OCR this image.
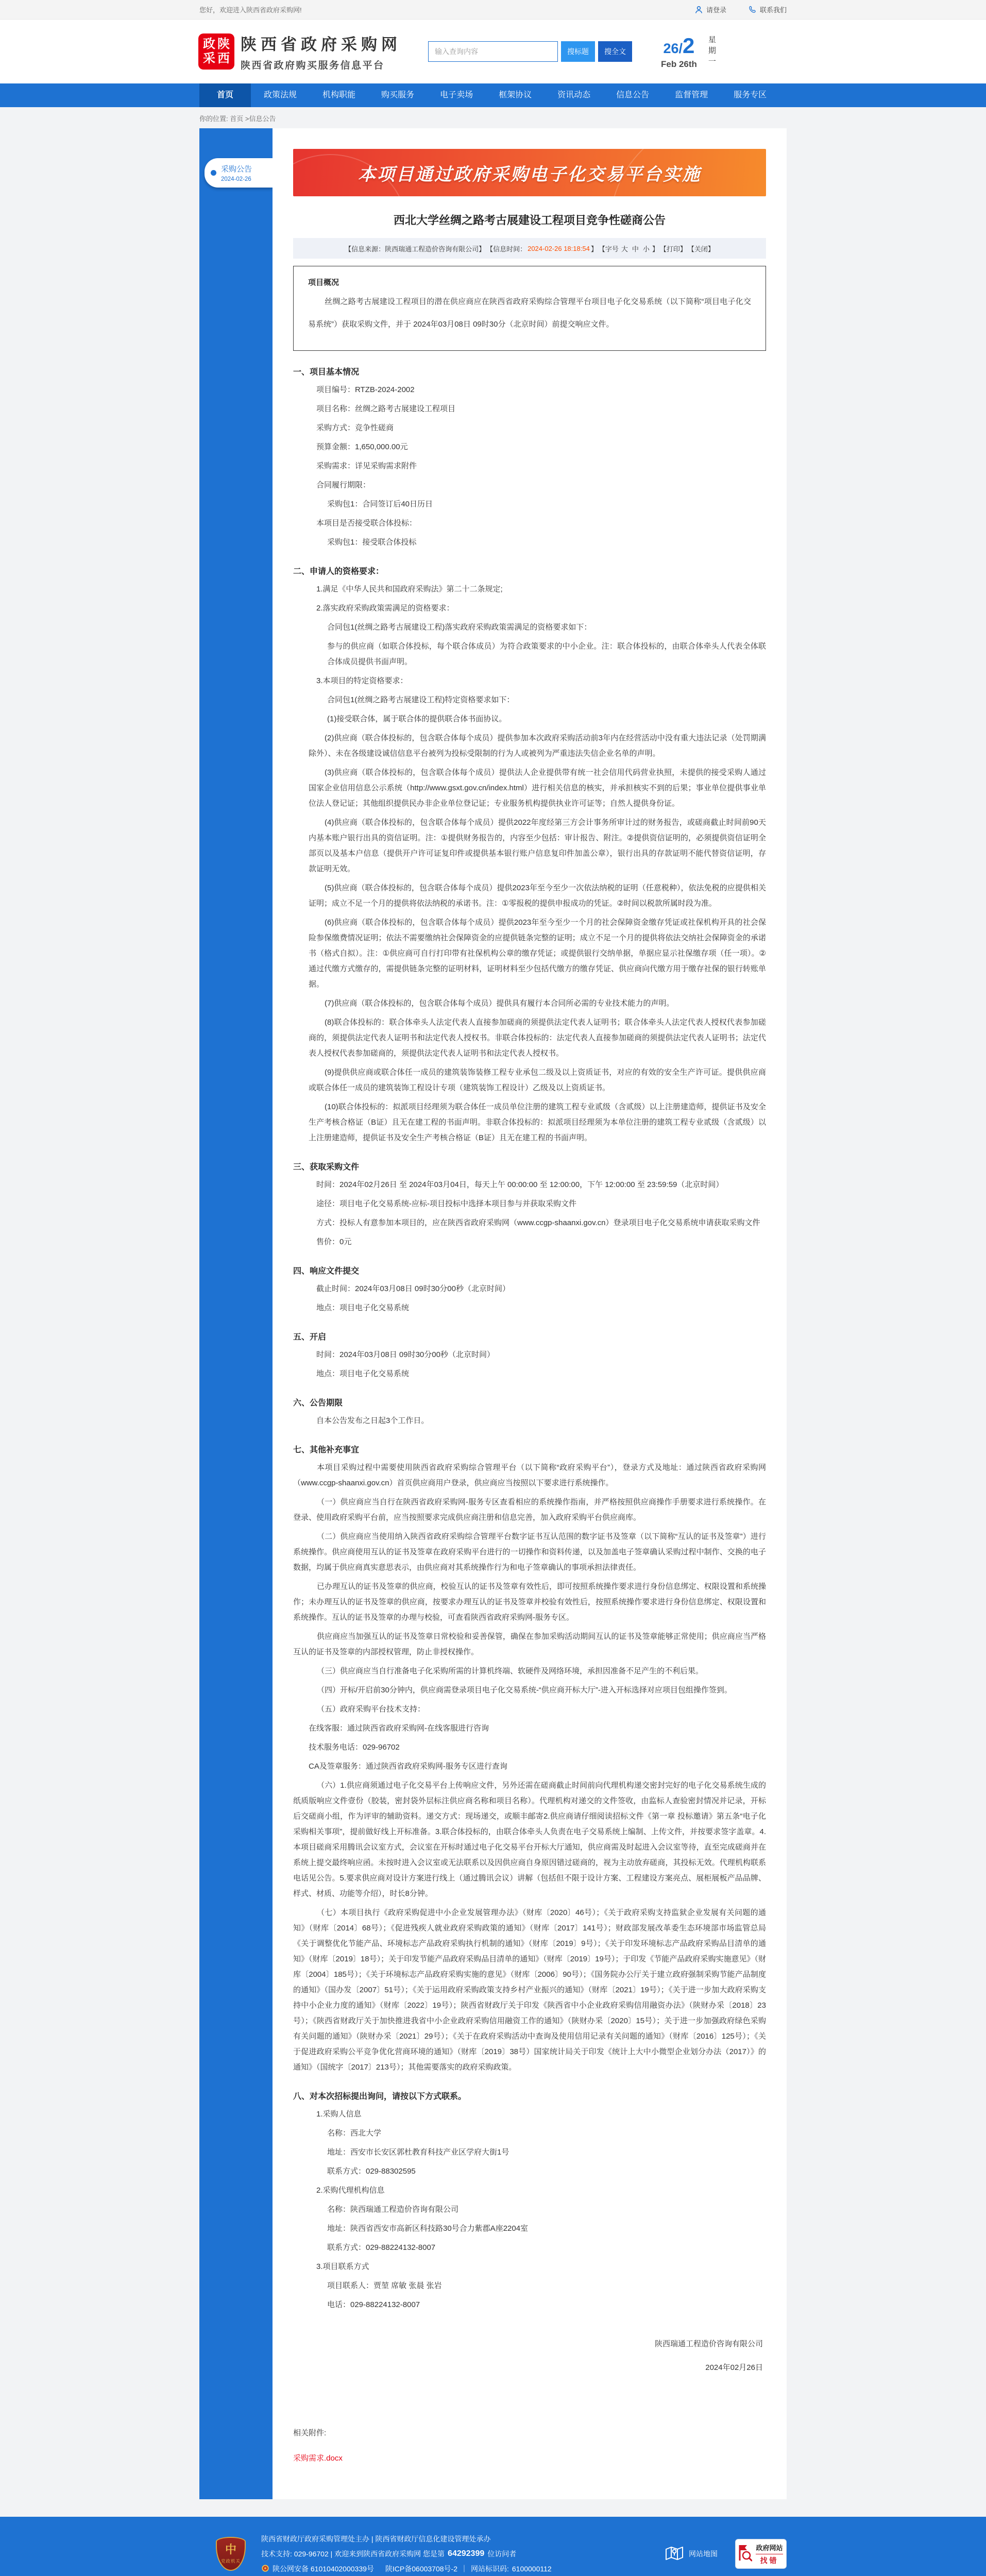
您好，欢迎进入陕西省政府采购网!	请登录	联系我们
政 陕
采 西
陕西省政府采购网
陕西省政府购买服务信息平台
输入查询内容
搜标题	搜全文	26/2
Feb 26th 星期一
首页	政策法规	机构职能	购买服务	电子卖场	框架协议	资讯动态	信息公告	监督管理	服务专区
你的位置: 首页 >信息公告
采购公告
2024-02-26	本项目通过政府采购电子化交易平台实施
西北大学丝绸之路考古展建设工程项目竞争性磋商公告
【信息来源：陕西瑞通工程造价咨询有限公司】 【信息时间： 2024-02-26 18:18:54 】 【字号 大 中 小 】 【打印】 【关闭】
项目概况

丝绸之路考古展建设工程项目的潜在供应商应在陕西省政府采购综合管理平台项目电子化交易系统（以下简称“项目电子化交易系统”）获取采购文件，并于 2024年03月08日 09时30分（北京时间）前提交响应文件。

一、项目基本情况

项目编号：RTZB-2024-2002

项目名称：丝绸之路考古展建设工程项目

采购方式：竞争性磋商

预算金额：1,650,000.00元

采购需求：详见采购需求附件

合同履行期限：

采购包1：合同签订后40日历日

本项目是否接受联合体投标：

采购包1：接受联合体投标

二、申请人的资格要求：

1.满足《中华人民共和国政府采购法》第二十二条规定;

2.落实政府采购政策需满足的资格要求：

合同包1(丝绸之路考古展建设工程)落实政府采购政策需满足的资格要求如下：

参与的供应商（如联合体投标，每个联合体成员）为符合政策要求的中小企业。注：联合体投标的，由联合体牵头人代表全体联合体成员提供书面声明。

3.本项目的特定资格要求：

合同包1(丝绸之路考古展建设工程)特定资格要求如下：

(1)接受联合体，属于联合体的提供联合体书面协议。

(2)供应商（联合体投标的，包含联合体每个成员）提供参加本次政府采购活动前3年内在经营活动中没有重大违法记录（处罚期满除外）、未在各级建设诚信信息平台被列为投标受限制的行为人或被列为严重违法失信企业名单的声明。

(3)供应商（联合体投标的，包含联合体每个成员）提供法人企业提供带有统一社会信用代码营业执照，未提供的接受采购人通过国家企业信用信息公示系统（http://www.gsxt.gov.cn/index.html）进行相关信息的核实，并承担核实不到的后果；事业单位提供事业单位法人登记证；其他组织提供民办非企业单位登记证；专业服务机构提供执业许可证等；自然人提供身份证。

(4)供应商（联合体投标的，包含联合体每个成员）提供2022年度经第三方会计事务所审计过的财务报告，或磋商截止时间前90天内基本账户银行出具的资信证明。注：①提供财务报告的，内容至少包括：审计报告、附注。②提供资信证明的，必须提供资信证明全部页以及基本户信息（提供开户许可证复印件或提供基本银行账户信息复印件加盖公章），银行出具的存款证明不能代替资信证明，存款证明无效。

(5)供应商（联合体投标的，包含联合体每个成员）提供2023年至今至少一次依法纳税的证明（任意税种），依法免税的应提供相关证明；成立不足一个月的提供将依法纳税的承诺书。注：①零报税的提供申报成功的凭证。②时间以税款所属时段为准。

(6)供应商（联合体投标的，包含联合体每个成员）提供2023年至今至少一个月的社会保障资金缴存凭证或社保机构开具的社会保险参保缴费情况证明；依法不需要缴纳社会保障资金的应提供链条完整的证明；成立不足一个月的提供将依法交纳社会保障资金的承诺书（格式自拟）。注：①供应商可自行打印带有社保机构公章的缴存凭证；或提供银行交纳单据，单据应显示社保缴存项（任一项）。②通过代缴方式缴存的，需提供链条完整的证明材料，证明材料至少包括代缴方的缴存凭证、供应商向代缴方用于缴存社保的银行转账单据。

(7)供应商（联合体投标的，包含联合体每个成员）提供具有履行本合同所必需的专业技术能力的声明。

(8)联合体投标的：联合体牵头人法定代表人直接参加磋商的须提供法定代表人证明书；联合体牵头人法定代表人授权代表参加磋商的，须提供法定代表人证明书和法定代表人授权书。非联合体投标的：法定代表人直接参加磋商的须提供法定代表人证明书；法定代表人授权代表参加磋商的，须提供法定代表人证明书和法定代表人授权书。

(9)提供供应商或联合体任一成员的建筑装饰装修工程专业承包二级及以上资质证书，对应的有效的安全生产许可证。提供供应商或联合体任一成员的建筑装饰工程设计专项（建筑装饰工程设计）乙级及以上资质证书。

(10)联合体投标的：拟派项目经理须为联合体任一成员单位注册的建筑工程专业贰级（含贰级）以上注册建造师，提供证书及安全生产考核合格证（B证）且无在建工程的书面声明。非联合体投标的：拟派项目经理须为本单位注册的建筑工程专业贰级（含贰级）以上注册建造师，提供证书及安全生产考核合格证（B证）且无在建工程的书面声明。

三、获取采购文件

时间：2024年02月26日 至 2024年03月04日，每天上午 00:00:00 至 12:00:00，下午 12:00:00 至 23:59:59（北京时间）

途径：项目电子化交易系统-应标-项目投标中选择本项目参与并获取采购文件

方式：投标人有意参加本项目的，应在陕西省政府采购网（www.ccgp-shaanxi.gov.cn）登录项目电子化交易系统申请获取采购文件

售价：0元

四、响应文件提交

截止时间：2024年03月08日 09时30分00秒（北京时间）

地点：项目电子化交易系统

五、开启

时间：2024年03月08日 09时30分00秒（北京时间）

地点：项目电子化交易系统

六、公告期限

自本公告发布之日起3个工作日。

七、其他补充事宜

本项目采购过程中需要使用陕西省政府采购综合管理平台（以下简称“政府采购平台”），登录方式及地址：通过陕西省政府采购网（www.ccgp-shaanxi.gov.cn）首页供应商用户登录，供应商应当按照以下要求进行系统操作。

（一）供应商应当自行在陕西省政府采购网-服务专区查看相应的系统操作指南，并严格按照供应商操作手册要求进行系统操作。在登录、使用政府采购平台前，应当按照要求完成供应商注册和信息完善，加入政府采购平台供应商库。

（二）供应商应当使用纳入陕西省政府采购综合管理平台数字证书互认范围的数字证书及签章（以下简称“互认的证书及签章”）进行系统操作。供应商使用互认的证书及签章在政府采购平台进行的一切操作和资料传递，以及加盖电子签章确认采购过程中制作、交换的电子数据，均属于供应商真实意思表示，由供应商对其系统操作行为和电子签章确认的事项承担法律责任。

已办理互认的证书及签章的供应商，校验互认的证书及签章有效性后，即可按照系统操作要求进行身份信息绑定、权限设置和系统操作；未办理互认的证书及签章的供应商，按要求办理互认的证书及签章并校验有效性后，按照系统操作要求进行身份信息绑定、权限设置和系统操作。互认的证书及签章的办理与校验，可查看陕西省政府采购网-服务专区。

供应商应当加强互认的证书及签章日常校验和妥善保管，确保在参加采购活动期间互认的证书及签章能够正常使用；供应商应当严格互认的证书及签章的内部授权管理，防止非授权操作。

（三）供应商应当自行准备电子化采购所需的计算机终端、软硬件及网络环境，承担因准备不足产生的不利后果。

（四）开标/开启前30分钟内，供应商需登录项目电子化交易系统-“供应商开标大厅”-进入开标选择对应项目包组操作签到。

（五）政府采购平台技术支持：

在线客服：通过陕西省政府采购网-在线客服进行咨询

技术服务电话：029-96702

CA及签章服务：通过陕西省政府采购网-服务专区进行查询

（六）1.供应商须通过电子化交易平台上传响应文件，另外还需在磋商截止时间前向代理机构递交密封完好的电子化交易系统生成的纸质版响应文件壹份（胶装，密封袋外层标注供应商名称和项目名称）。代理机构对递交的文件签收，由监标人查验密封情况并记录，开标后交磋商小组，作为评审的辅助资料。递交方式：现场递交，或顺丰邮寄2.供应商请仔细阅读招标文件《第一章 投标邀请》第五条“电子化采购相关事项”，提前做好线上开标准备。3.联合体投标的，由联合体牵头人负责在电子交易系统上编制、上传文件，并按要求签字盖章。4.本项目磋商采用腾讯会议室方式，会议室在开标时通过电子化交易平台开标大厅通知，供应商需及时起进入会议室等待，直至完成磋商并在系统上提交最终响应函。未按时进入会议室或无法联系以及因供应商自身原因错过磋商的，视为主动放弃磋商，其投标无效。代理机构联系电话见公告。5.要求供应商对设计方案进行线上（通过腾讯会议）讲解（包括但不限于设计方案、工程建设方案亮点、展柜展板产品品牌、样式、材质、功能等介绍），时长8分钟。

（七）本项目执行《政府采购促进中小企业发展管理办法》（财库〔2020〕46号）；《关于政府采购支持监狱企业发展有关问题的通知》（财库〔2014〕68号）；《促进残疾人就业政府采购政策的通知》（财库〔2017〕141号）；财政部发展改革委生态环境部市场监管总局《关于调整优化节能产品、环境标志产品政府采购执行机制的通知》（财库〔2019〕9号）；《关于印发环境标志产品政府采购品目清单的通知》（财库〔2019〕18号）；关于印发节能产品政府采购品目清单的通知》（财库〔2019〕19号）；于印发《节能产品政府采购实施意见》（财库〔2004〕185号）；《关于环境标志产品政府采购实施的意见》（财库〔2006〕90号）；《国务院办公厅关于建立政府强制采购节能产品制度的通知》（国办发〔2007〕51号）；《关于运用政府采购政策支持乡村产业振兴的通知》（财库〔2021〕19号）；《关于进一步加大政府采购支持中小企业力度的通知》（财库〔2022〕19号）；陕西省财政厅关于印发《陕西省中小企业政府采购信用融资办法》（陕财办采〔2018〕23号）；《陕西省财政厅关于加快推进我省中小企业政府采购信用融资工作的通知》（陕财办采〔2020〕15号）；关于进一步加强政府绿色采购有关问题的通知》（陕财办采〔2021〕29号）；《关于在政府采购活动中查询及使用信用记录有关问题的通知》（财库〔2016〕125号）；《关于促进政府采购公平竞争优化营商环境的通知》（财库〔2019〕38号）国家统计局关于印发《统计上大中小微型企业划分办法（2017）》的通知》（国统字〔2017〕213号）；其他需要落实的政府采购政策。

八、对本次招标提出询问，请按以下方式联系。

1.采购人信息

名称：西北大学

地址：西安市长安区郭杜教育科技产业区学府大街1号

联系方式：029-88302595

2.采购代理机构信息

名称：陕西瑞通工程造价咨询有限公司

地址：陕西省西安市高新区科技路30号合力紫郡A座2204室

联系方式：029-88224132-8007

3.项目联系方式

项目联系人：贾堃 席敏 张晨 张岩

电话：029-88224132-8007

陕西瑞通工程造价咨询有限公司
2024年02月26日
相关附件:
采购需求.docx
中
党政机关
陕西省财政厅政府采购管理处主办 | 陕西省财政厅信息化建设管理处承办
技术支持: 029-96702 | 欢迎来到陕西省政府采购网 您是第 64292399 位访问者
陕公网安备 61010402000339号 陕ICP备06003708号-2 ｜ 网站标识码: 6100000112
网站地图
政府网站
找错
